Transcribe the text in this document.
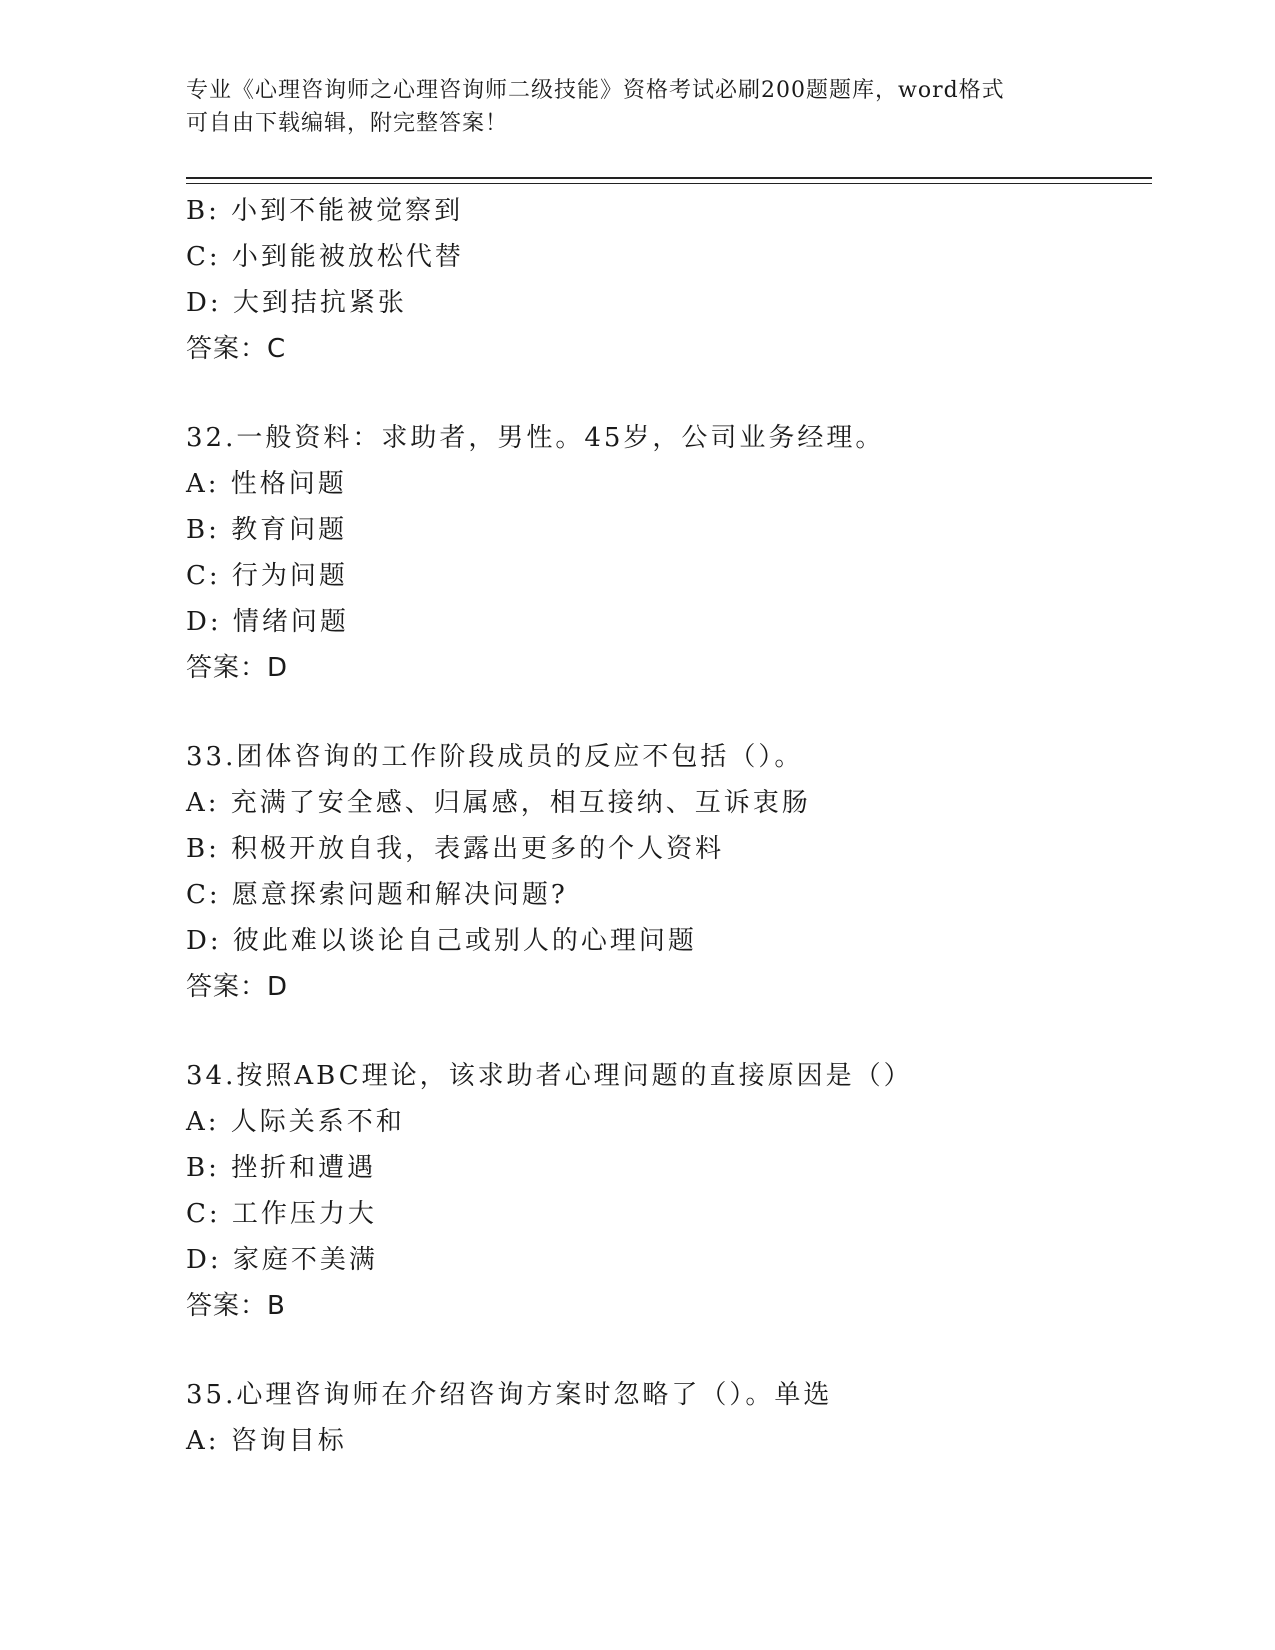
专业《心理咨询师之心理咨询师二级技能》资格考试必刷200题题库，word格式
可自由下载编辑，附完整答案！
B: 小到不能被觉察到
C: 小到能被放松代替
D: 大到拮抗紧张
答案：C
32.一般资料：求助者，男性。45岁，公司业务经理。
A: 性格问题
B: 教育问题
C: 行为问题
D: 情绪问题
答案：D
33.团体咨询的工作阶段成员的反应不包括（）。
A: 充满了安全感、归属感，相互接纳、互诉衷肠
B: 积极开放自我，表露出更多的个人资料
C: 愿意探索问题和解决问题?
D: 彼此难以谈论自己或别人的心理问题
答案：D
34.按照ABC理论，该求助者心理问题的直接原因是（）
A: 人际关系不和
B: 挫折和遭遇
C: 工作压力大
D: 家庭不美满
答案：B
35.心理咨询师在介绍咨询方案时忽略了（）。单选
A: 咨询目标
